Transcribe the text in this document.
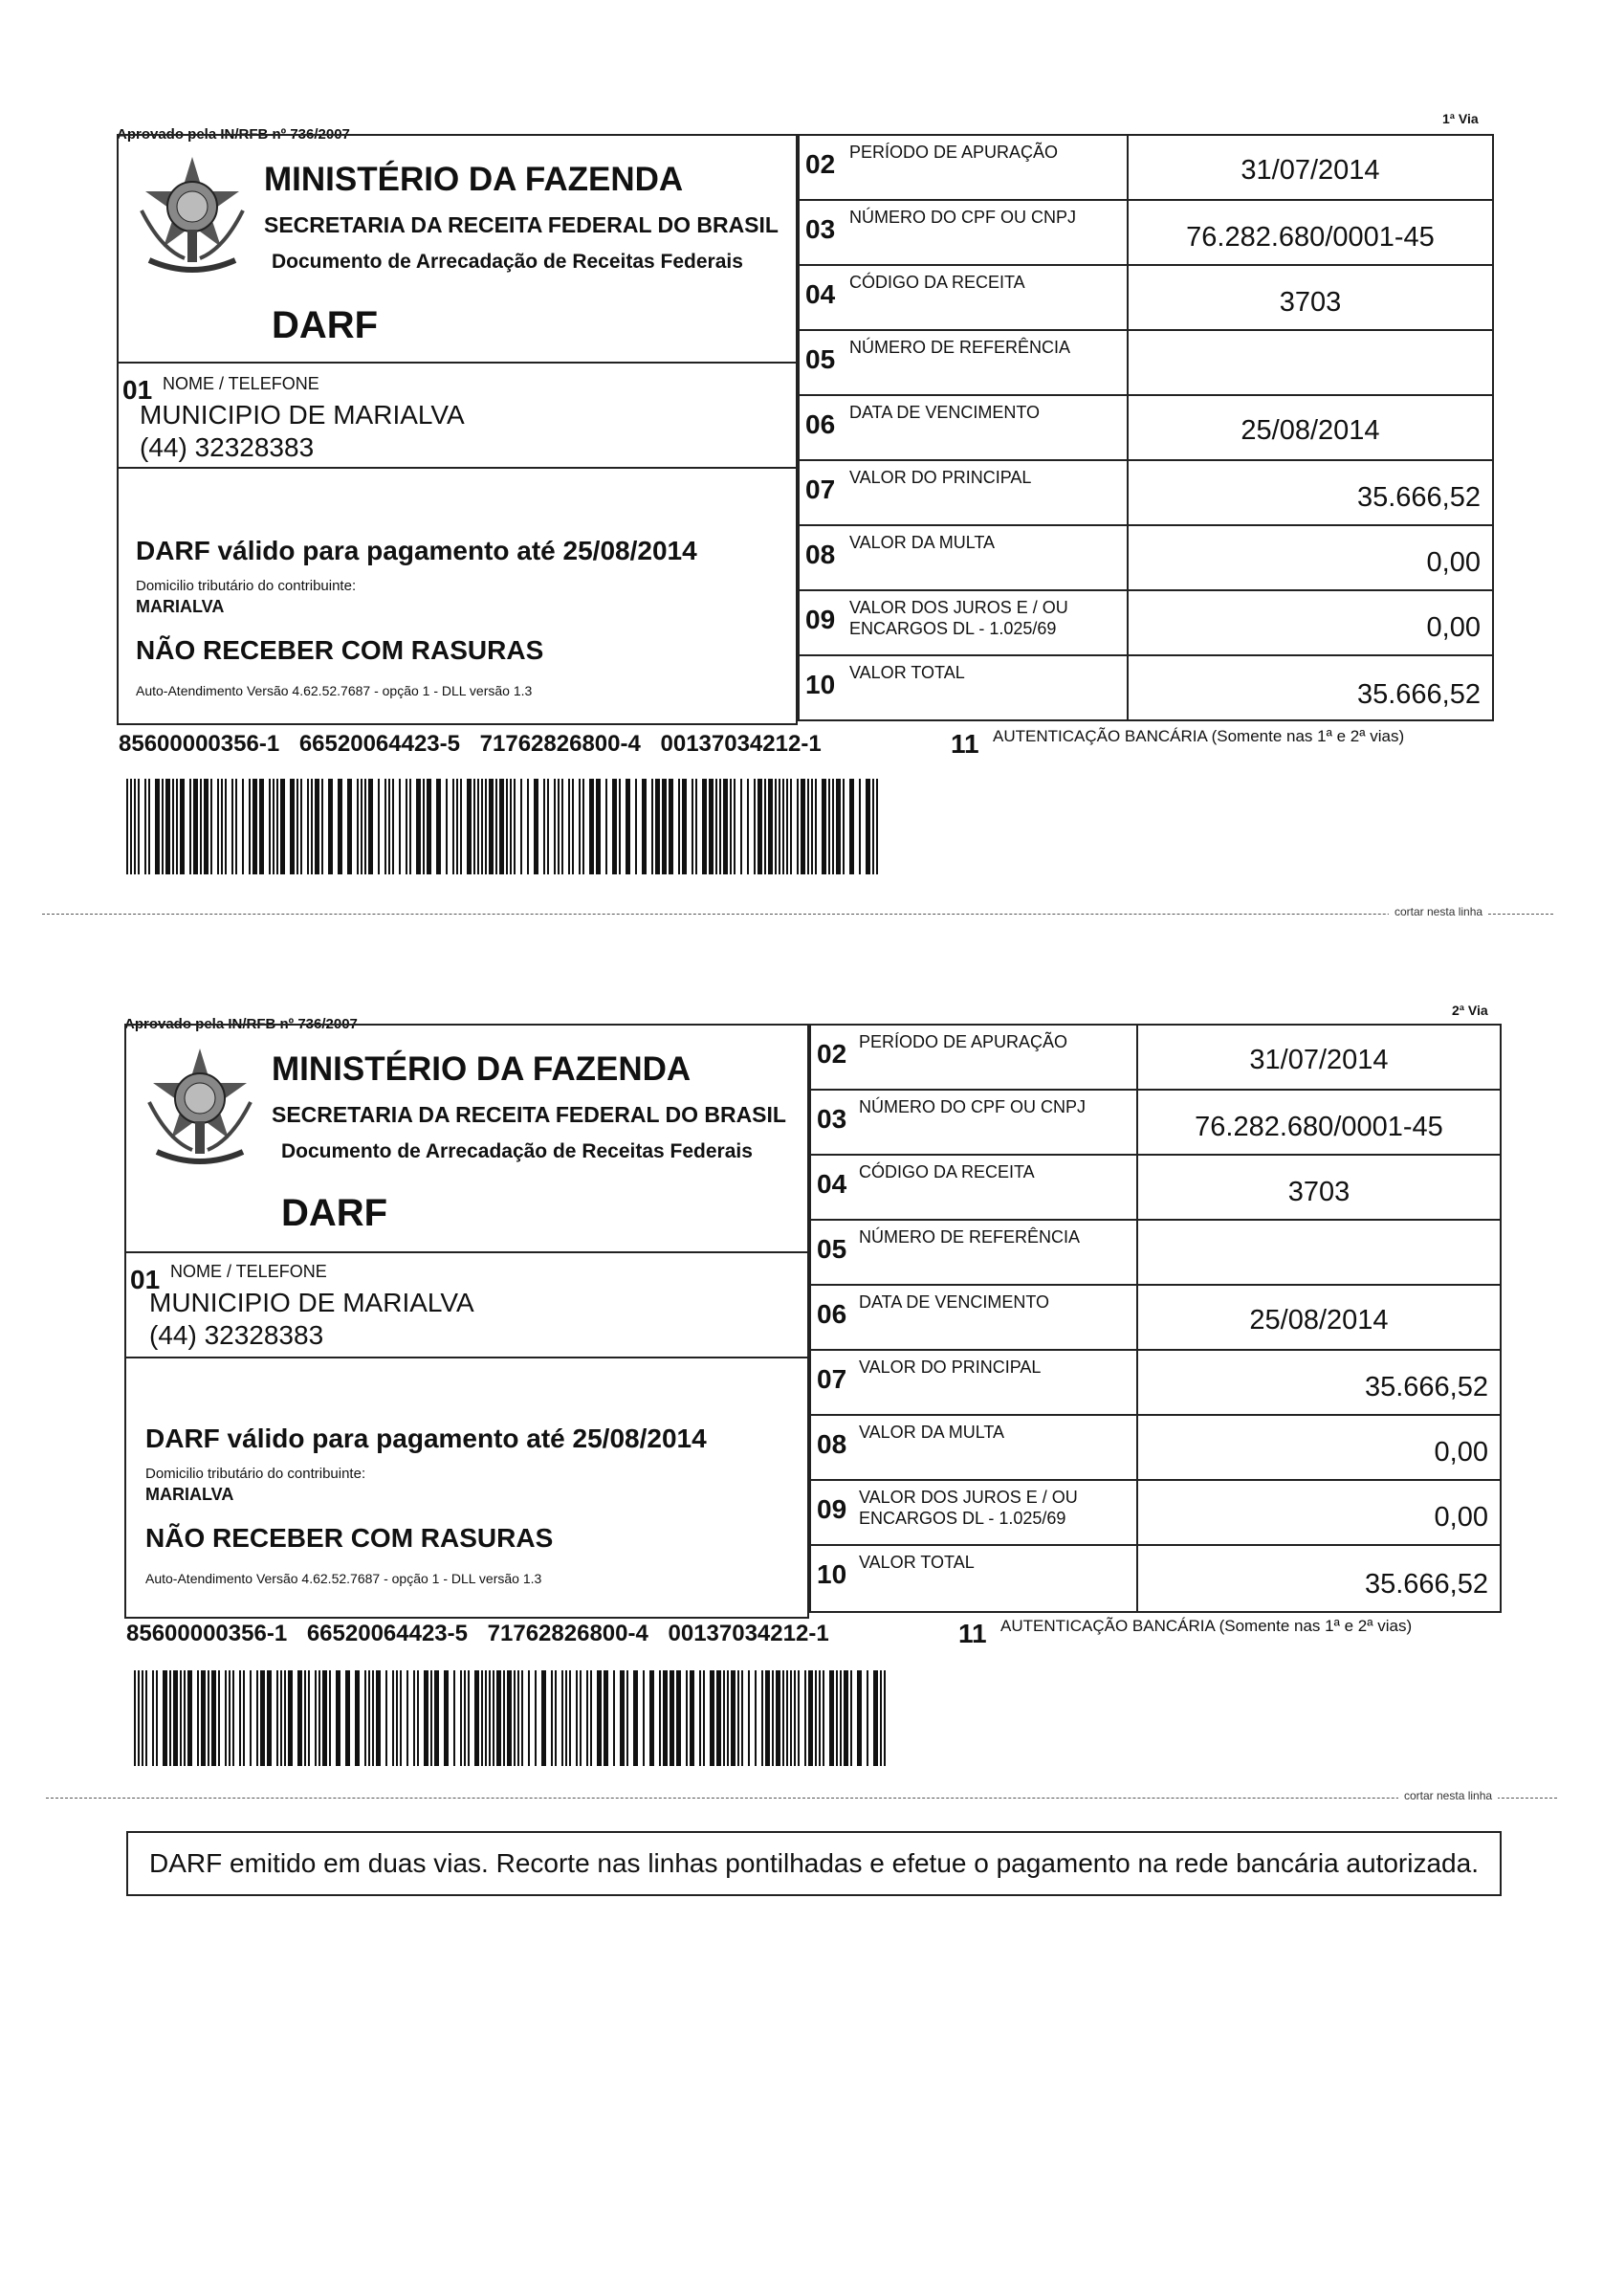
Aprovado pela IN/RFB nº 736/2007
1ª Via
MINISTÉRIO DA FAZENDA
SECRETARIA DA RECEITA FEDERAL DO BRASIL
Documento de Arrecadação de Receitas Federais
DARF
01 NOME / TELEFONE
MUNICIPIO DE MARIALVA
(44) 32328383
DARF válido para pagamento até 25/08/2014
Domicilio tributário do contribuinte:
MARIALVA
NÃO RECEBER COM RASURAS
Auto-Atendimento Versão 4.62.52.7687 - opção 1 - DLL versão 1.3
02 PERÍODO DE APURAÇÃO
31/07/2014
03 NÚMERO DO CPF OU CNPJ
76.282.680/0001-45
04 CÓDIGO DA RECEITA
3703
05 NÚMERO DE REFERÊNCIA
06 DATA DE VENCIMENTO
25/08/2014
07 VALOR DO PRINCIPAL
35.666,52
08 VALOR DA MULTA
0,00
09 VALOR DOS JUROS E / OU
ENCARGOS DL - 1.025/69	0,00
10 VALOR TOTAL
35.666,52
85600000356-1 66520064423-5 71762826800-4 00137034212-1	11 AUTENTICAÇÃO BANCÁRIA (Somente nas 1ª e 2ª vias)
cortar nesta linha
Aprovado pela IN/RFB nº 736/2007
2ª Via
MINISTÉRIO DA FAZENDA
SECRETARIA DA RECEITA FEDERAL DO BRASIL
Documento de Arrecadação de Receitas Federais
DARF
01 NOME / TELEFONE
MUNICIPIO DE MARIALVA
(44) 32328383
DARF válido para pagamento até 25/08/2014
Domicilio tributário do contribuinte:
MARIALVA
NÃO RECEBER COM RASURAS
Auto-Atendimento Versão 4.62.52.7687 - opção 1 - DLL versão 1.3
02 PERÍODO DE APURAÇÃO
31/07/2014
03 NÚMERO DO CPF OU CNPJ
76.282.680/0001-45
04 CÓDIGO DA RECEITA
3703
05 NÚMERO DE REFERÊNCIA
06 DATA DE VENCIMENTO
25/08/2014
07 VALOR DO PRINCIPAL
35.666,52
08 VALOR DA MULTA
0,00
09 VALOR DOS JUROS E / OU
ENCARGOS DL - 1.025/69	0,00
10 VALOR TOTAL
35.666,52
85600000356-1 66520064423-5 71762826800-4 00137034212-1	11 AUTENTICAÇÃO BANCÁRIA (Somente nas 1ª e 2ª vias)
cortar nesta linha
DARF emitido em duas vias. Recorte nas linhas pontilhadas e efetue o pagamento na rede bancária autorizada.
